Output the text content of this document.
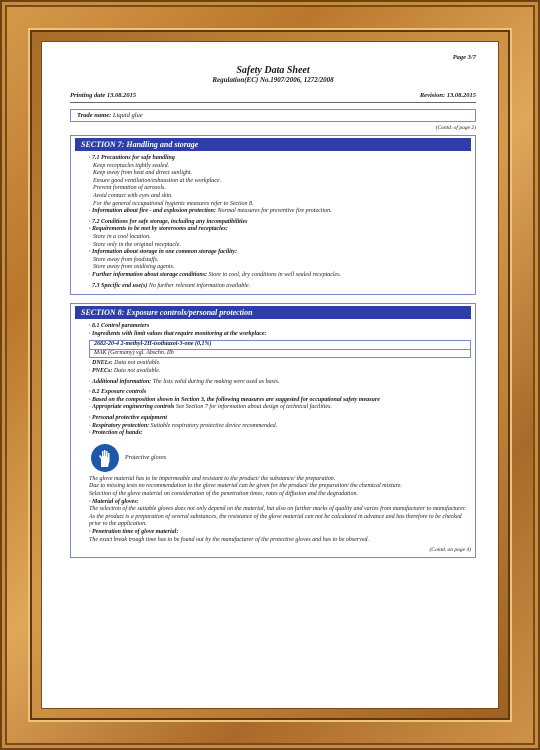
Page 3/7
Safety Data Sheet
Regulation(EC) No.1907/2006, 1272/2008
Printing date 13.08.2015	Revision: 13.08.2015
Trade name: Liquid glue
(Contd. of page 2)
SECTION 7: Handling and storage
· 7.1 Precautions for safe handling
Keep receptacles tightly sealed.
Keep away from heat and direct sunlight.
Ensure good ventilation/exhaustion at the workplace.
Prevent formation of aerosols.
Avoid contact with eyes and skin.
For the general occupational hygienic measures refer to Section 8.
· Information about fire - and explosion protection: Normal measures for preventive fire protection.
· 7.2 Conditions for safe storage, including any incompatibilities
· Requirements to be met by storerooms and receptacles:
Store in a cool location.
Store only in the original receptacle.
· Information about storage in one common storage facility:
Store away from foodstuffs.
Store away from oxidising agents.
· Further information about storage conditions: Store in cool, dry conditions in well sealed receptacles.
· 7.3 Specific end use(s) No further relevant information available.
SECTION 8: Exposure controls/personal protection
· 8.1 Control parameters
· Ingredients with limit values that require monitoring at the workplace:
2682-20-4 2-methyl-2H-isothiazol-3-one (0,1%)
MAK (Germany) vgl. Abschn. IIb
· DNELs: Data not available.
· PNECs: Data not available.
· Additional information: The lists valid during the making were used as basis.
· 8.2 Exposure controls
· Based on the composition shown in Section 3, the following measures are suggested for occupational safety measure
· Appropriate engineering controls See Section 7 for information about design of technical facilities.
· Personal protective equipment
· Respiratory protection: Suitable respiratory protective device recommended.
· Protection of hands:
Protective gloves
The glove material has to be impermeable and resistant to the product/ the substance/ the preparation.
Due to missing tests no recommendation to the glove material can be given for the product/ the preparation/ the chemical mixture.
Selection of the glove material on consideration of the penetration times, rates of diffusion and the degradation.
· Material of gloves:
The selection of the suitable gloves does not only depend on the material, but also on further marks of quality and varies from manufacturer to manufacturer. As the product is a preparation of several substances, the resistance of the glove material can not be calculated in advance and has therefore to be checked prior to the application.
· Penetration time of glove material:
The exact break trough time has to be found out by the manufacturer of the protective gloves and has to be observed.
(Contd. on page 4)
